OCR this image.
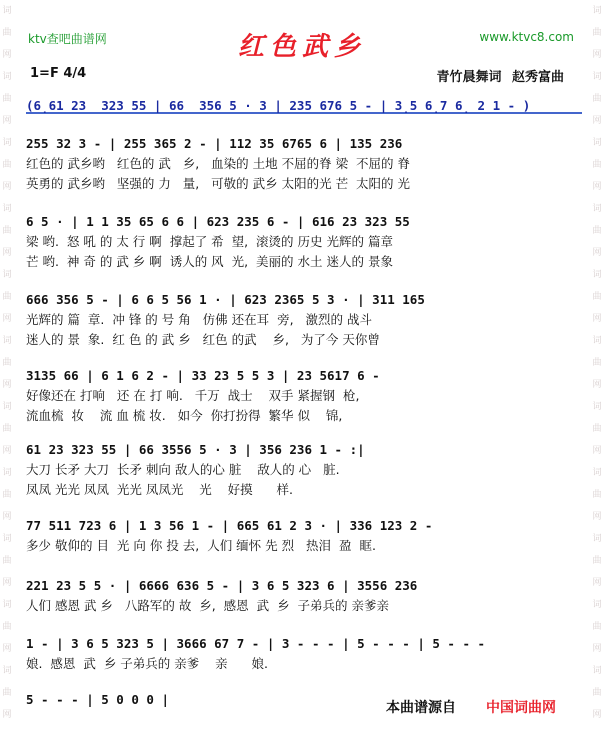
词
曲
网
词
曲
网
词
曲
网
词
曲
网
词
曲
网
词
曲
网
词
曲
网
词
曲
网
词
曲
网
词
曲
网
词
曲
网
词
曲
网
词
曲
网
词
曲
网
词
曲
网
词
曲
网
词
曲
网
词
曲
网
词
曲
网
词
曲
网
词
曲
网
词
曲
网
ktv查吧曲谱网	红色武乡	www.ktvc8.com
1=F 4/4	青竹晨舞词 赵秀富曲
(6̣61 23  323 55 | 66  356 5 · 3 | 235 676 5 - | 3̣5 6̣7 6̣ 2 1 - )
255 32 3 - | 255 365 2 - | 112 35 6765 6 | 135 236
红色的 武乡哟   红色的 武   乡,   血染的 土地 不屈的脊 梁  不屈的 脊
英勇的 武乡哟   坚强的 力   量,   可敬的 武乡 太阳的光 芒  太阳的 光
6 5 · | 1 1 35 65 6 6 | 623 235 6 - | 616 23 323 55
梁 哟.  怒 吼 的 太 行 啊  撑起了 希  望,  滚烫的 历史 光辉的 篇章
芒 哟.  神 奇 的 武 乡 啊  诱人的 风  光,  美丽的 水土 迷人的 景象
666 356 5 - | 6 6 5 56 1 · | 623 2365 5 3 · | 311 165
光辉的 篇  章.  冲 锋 的 号 角   仿佛 还在耳  旁,   激烈的 战斗
迷人的 景  象.  红 色 的 武 乡   红色 的武    乡,   为了今 天你曾
3135 66 | 6 1 6 2 - | 33 23 5 5 3 | 23 5617 6 -
好像还在 打响   还 在 打 响.   千万  战士    双手 紧握钢  枪,
流血梳  妆    流 血 梳 妆.   如今  你打扮得  繁华 似    锦,
61 23 323 55 | 66 3556 5 · 3 | 356 236 1 - :|
大刀 长矛 大刀  长矛 刺向 敌人的心 脏    敌人的 心   脏.
凤凤 光光 凤凤  光光 凤凤光    光    好摸      样.
77 511 723 6 | 1 3 56 1 - | 665 61 2 3 · | 336 123 2 -
多少 敬仰的 目  光 向 你 投 去,  人们 缅怀 先 烈   热泪  盈  眶.
221 23 5 5 · | 6666 636 5 - | 3 6 5 323 6 | 3556 236
人们 感恩 武 乡   八路军的 故  乡,  感恩  武  乡  子弟兵的 亲爹亲
1 - | 3 6 5 323 5 | 3666 67 7 - | 3 - - - | 5 - - - | 5 - - -
娘.  感恩  武  乡 子弟兵的 亲爹    亲      娘.
5 - - - | 5 0 0 0 |
本曲谱源自 中国词曲网
